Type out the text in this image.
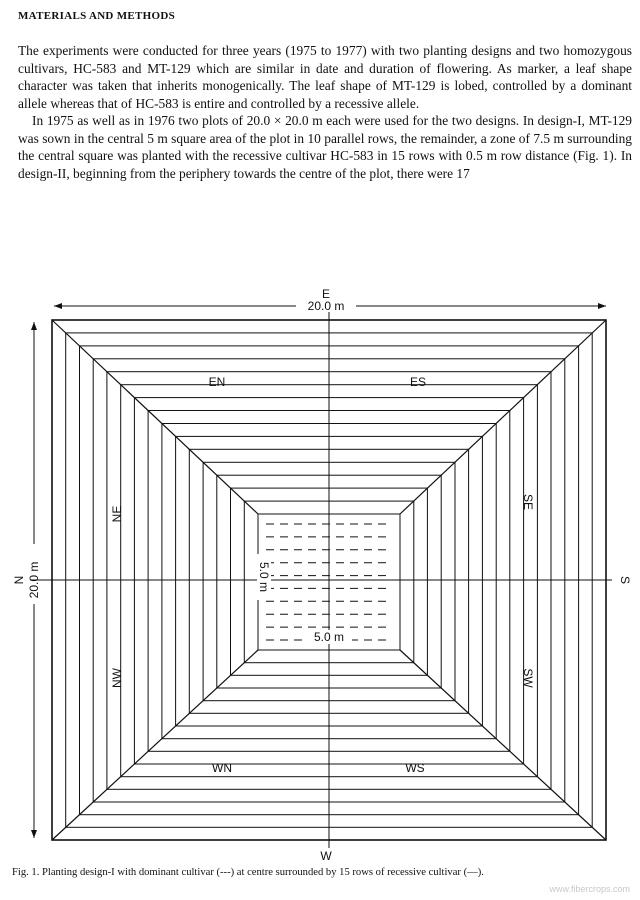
MATERIALS AND METHODS

The experiments were conducted for three years (1975 to 1977) with two planting designs and two homozygous cultivars, HC-583 and MT-129 which are similar in date and duration of flowering. As marker, a leaf shape character was taken that inherits monogenically. The leaf shape of MT-129 is lobed, controlled by a dominant allele whereas that of HC-583 is entire and controlled by a recessive allele.

In 1975 as well as in 1976 two plots of 20.0 × 20.0 m each were used for the two designs. In design-I, MT-129 was sown in the central 5 m square area of the plot in 10 parallel rows, the remainder, a zone of 7.5 m surrounding the central square was planted with the recessive cultivar HC-583 in 15 rows with 0.5 m row distance (Fig. 1). In design-II, beginning from the periphery towards the centre of the plot, there were 17

E
W
S
N
20.0 m
20.0 m
EN	ES
WN	WS
NE
NW
SE
SW
5.0 m
5.0 m
Fig. 1. Planting design-I with dominant cultivar (---) at centre surrounded by 15 rows of recessive cultivar (—).
www.fibercrops.com
